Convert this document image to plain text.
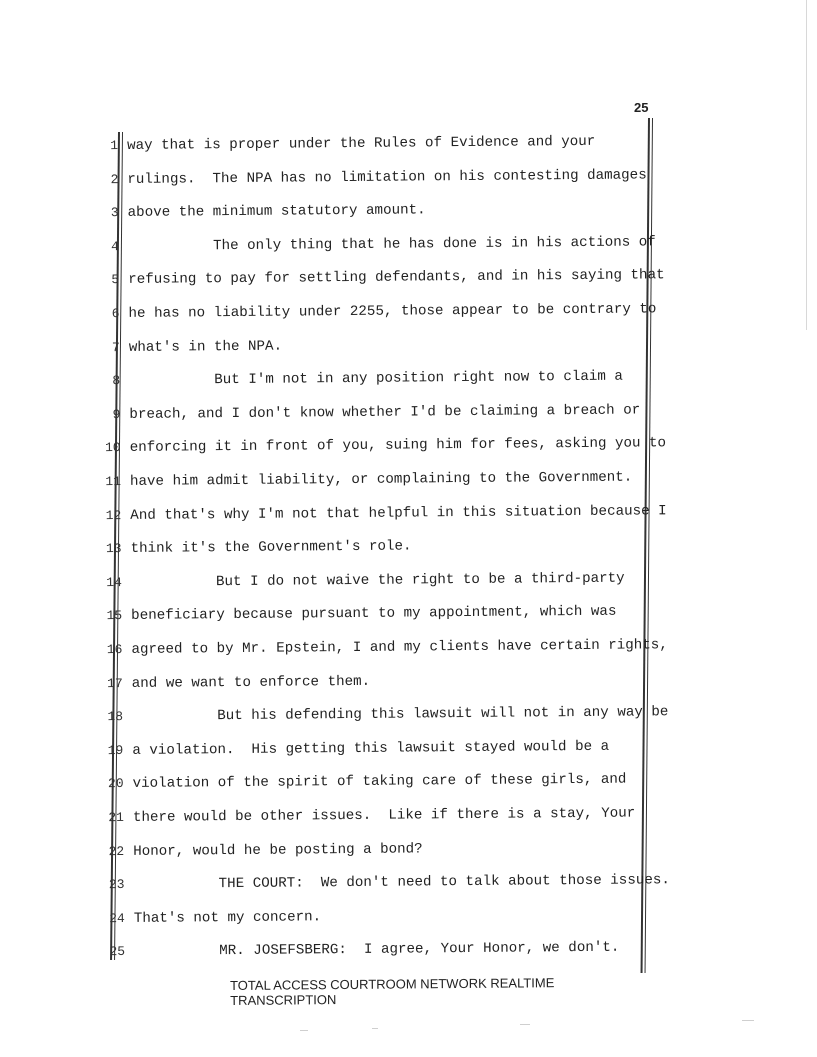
25
1 way that is proper under the Rules of Evidence and your
2 rulings.  The NPA has no limitation on his contesting damages
3 above the minimum statutory amount.
4 The only thing that he has done is in his actions of
5 refusing to pay for settling defendants, and in his saying that
6 he has no liability under 2255, those appear to be contrary to
7 what's in the NPA.
8 But I'm not in any position right now to claim a
9 breach, and I don't know whether I'd be claiming a breach or
10 enforcing it in front of you, suing him for fees, asking you to
11 have him admit liability, or complaining to the Government.
12 And that's why I'm not that helpful in this situation because I
13 think it's the Government's role.
14 But I do not waive the right to be a third-party
15 beneficiary because pursuant to my appointment, which was
16 agreed to by Mr. Epstein, I and my clients have certain rights,
17 and we want to enforce them.
18 But his defending this lawsuit will not in any way be
19 a violation.  His getting this lawsuit stayed would be a
20 violation of the spirit of taking care of these girls, and
21 there would be other issues.  Like if there is a stay, Your
22 Honor, would he be posting a bond?
23 THE COURT:  We don't need to talk about those issues.
24 That's not my concern.
25 MR. JOSEFSBERG:  I agree, Your Honor, we don't.
TOTAL ACCESS COURTROOM NETWORK REALTIME TRANSCRIPTION
